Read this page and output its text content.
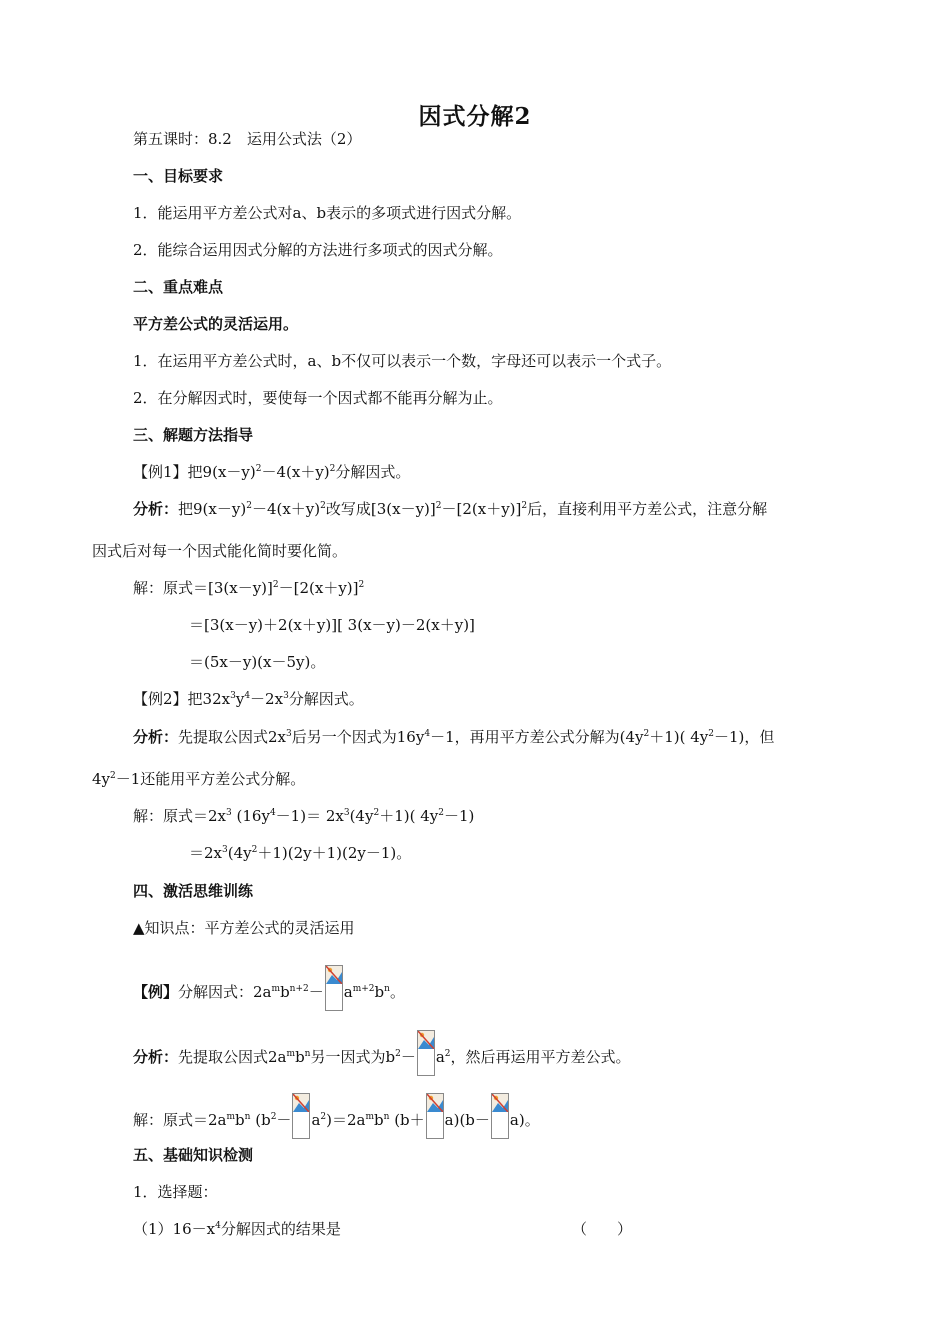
因式分解2
第五课时：8.2　运用公式法（2）
一、目标要求
1．能运用平方差公式对a、b表示的多项式进行因式分解。
2．能综合运用因式分解的方法进行多项式的因式分解。
二、重点难点
平方差公式的灵活运用。
1．在运用平方差公式时，a、b不仅可以表示一个数，字母还可以表示一个式子。
2．在分解因式时，要使每一个因式都不能再分解为止。
三、解题方法指导
【例1】把$9(x-y)^2-4(x+y)^2$分解因式。
分析：把$9(x-y)^2-4(x+y)^2$改写成$[3(x-y)]^2-[2(x+y)]^2$后，直接利用平方差公式，注意分解
因式后对每一个因式能化简时要化简。
解：原式$=[3(x-y)]^2-[2(x+y)]^2$
＝[3(x－y)＋2(x＋y)][ 3(x－y)－2(x＋y)]
＝(5x－y)(x－5y)。
【例2】把$32x^3y^4-2x^3$分解因式。
分析：先提取公因式$2x^3$后另一个因式为$16y^4-1$，再用平方差公式分解为$(4y^2+1)$( $4y^2-1$)，但
$4y^2-1$还能用平方差公式分解。
解：原式$=2x^3$ $(16y^4-1)= 2x^3(4y^2+1)$( $4y^2-1$)
$=2x^3(4y^2+1)(2y+1)(2y-1)$。
四、激活思维训练
▲知识点：平方差公式的灵活运用
【例】分解因式：$2a^mb^{n+2}- a^{m+2}b^n$。
分析：先提取公因式$2a^mb^n$另一因式为$b^2- a^2$，然后再运用平方差公式。
解：原式$=2a^mb^n$ $(b^2- a^2)=2a^mb^n$ (b＋ a)(b－ a)。
五、基础知识检测
1．选择题：
$(1)16-x^4$分解因式的结果是	（　　）
